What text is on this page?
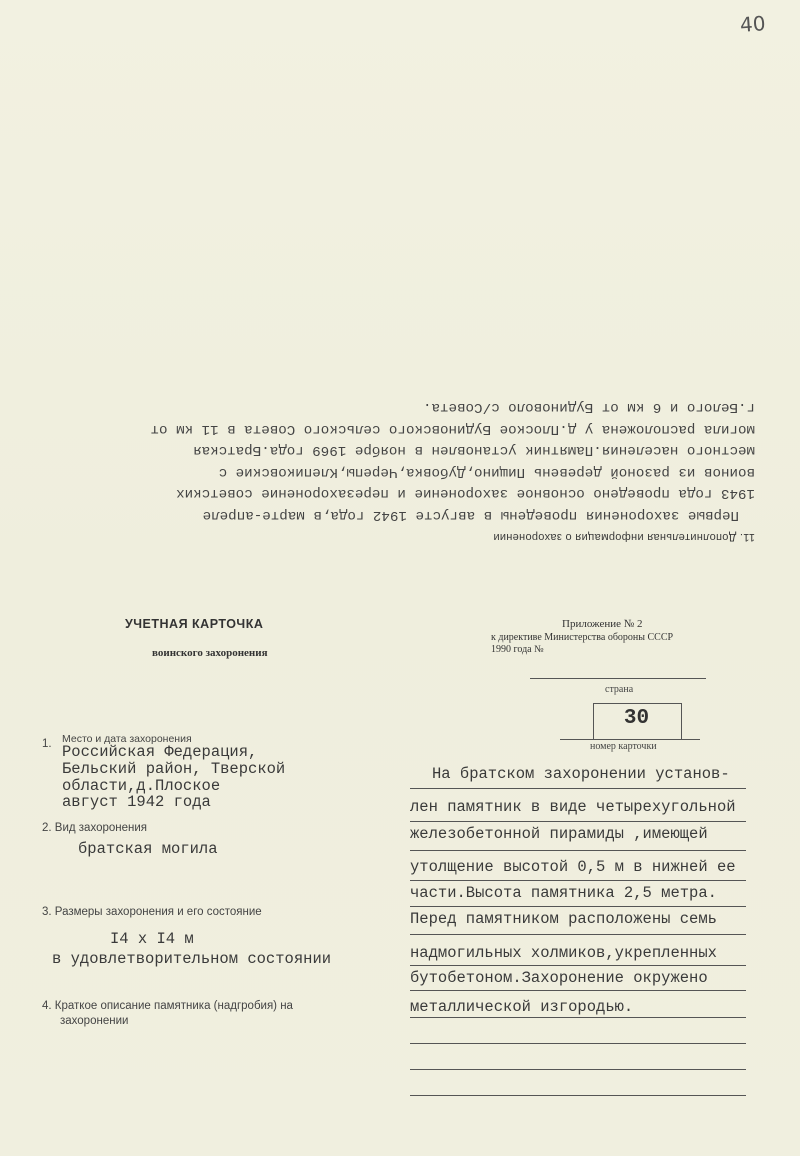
40
11. Дополнительная информация о захоронении
Первые захоронения проведены в августе 1942 года,в марте-апреле
1943 года проведено основное захоронение и перезахоронение советских
воинов из разоной деревень Пищино,Дубовка,Черепы,Клепиковские с
местного населения.Памятник установлен в ноябре 1969 года.Братская
могила расположена у д.Плоское Будиновского сельского Совета в 11 км от
г.Белого и 6 км от Будиноволо с/Совета.
УЧЕТНАЯ КАРТОЧКА
воинского захоронения
Приложение № 2
к директиве Министерства обороны СССР
1990 года №
страна
30
номер карточки
1. Место и дата захоронения
Российская Федерация,
Бельский район, Тверской
области,д.Плоское
август 1942 года
2. Вид захоронения
братская могила
3. Размеры захоронения и его состояние
I4 x I4 м
в удовлетворительном состоянии
4. Краткое описание памятника (надгробия) на
захоронении
На братском захоронении установ-
лен памятник в виде четырехугольной
железобетонной пирамиды ,имеющей
утолщение высотой 0,5 м в нижней ее
части.Высота памятника 2,5 метра.
Перед памятником расположены семь
надмогильных холмиков,укрепленных
бутобетоном.Захоронение окружено
металлической изгородью.
